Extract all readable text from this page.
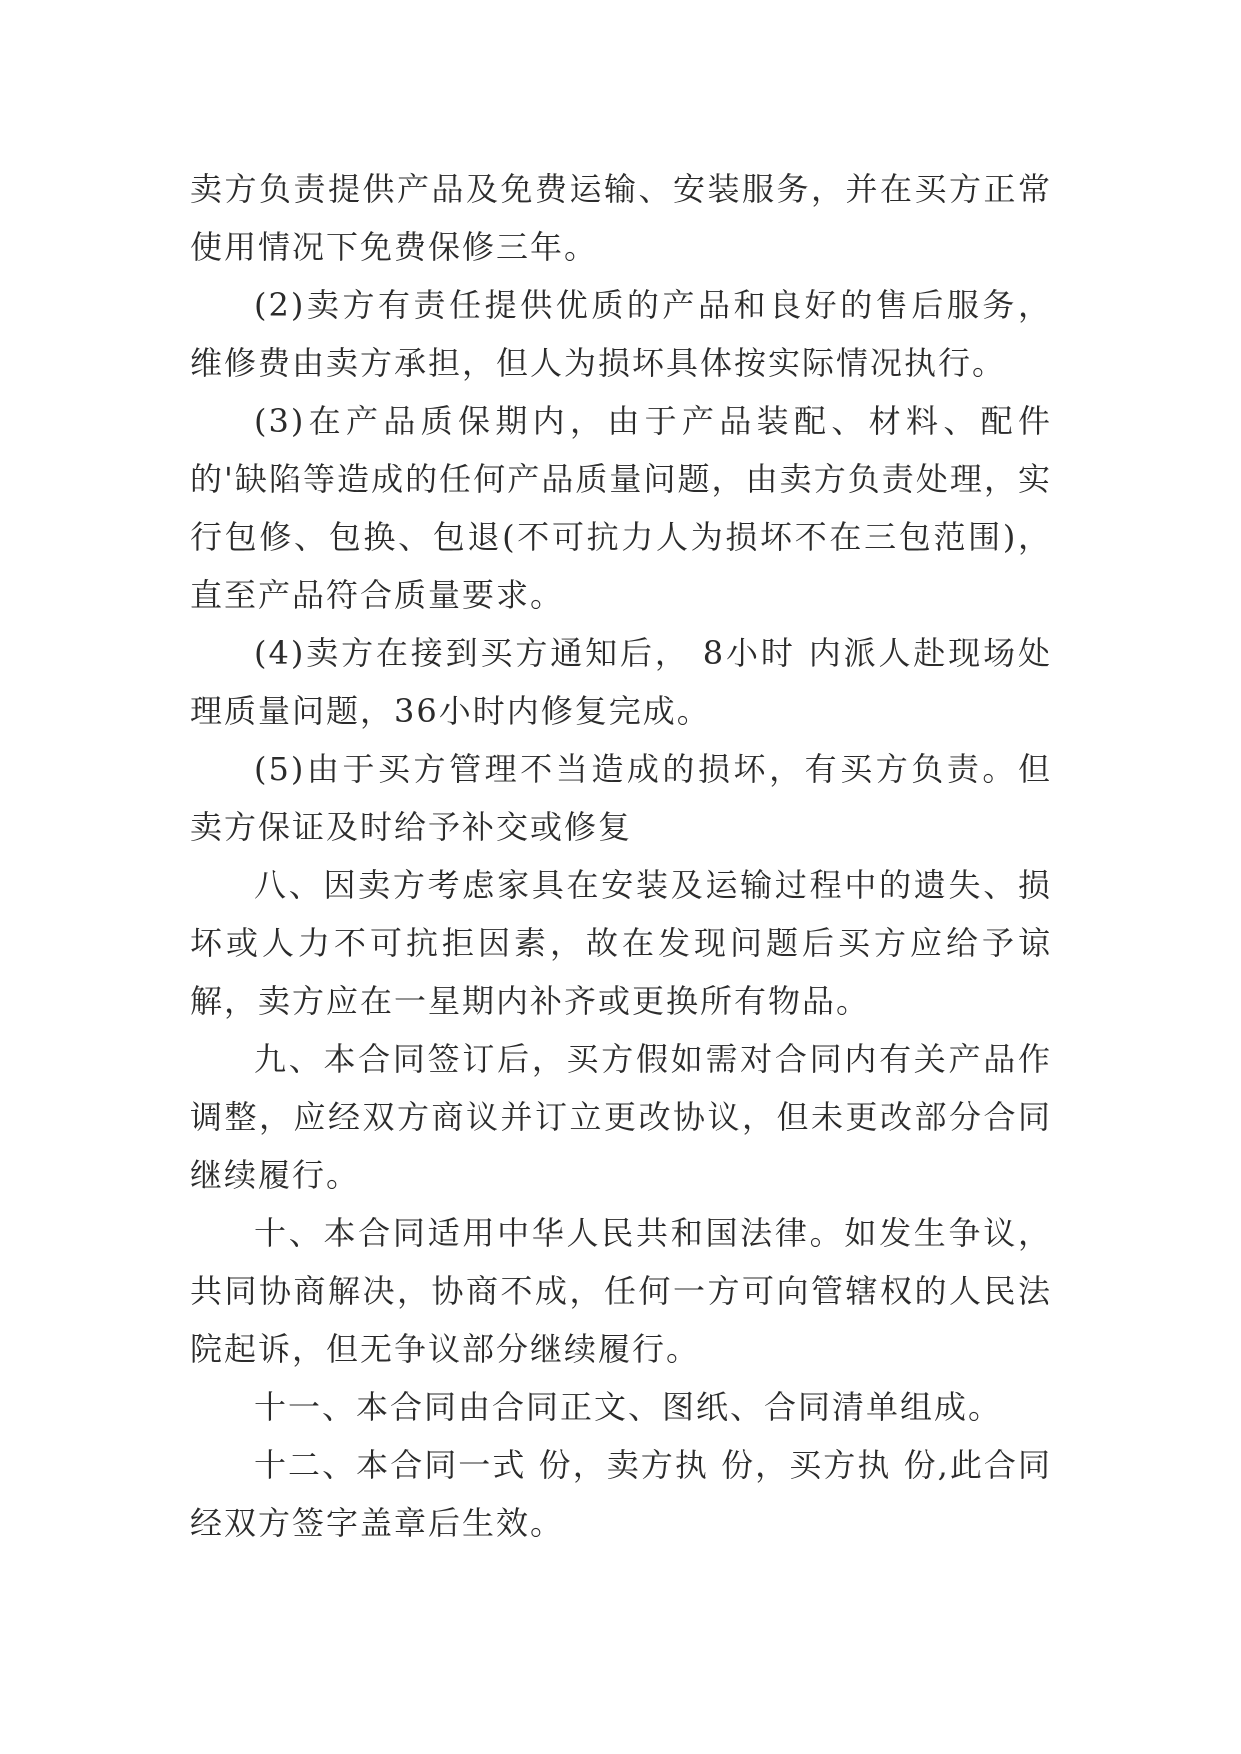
卖方负责提供产品及免费运输、安装服务，并在买方正常使用情况下免费保修三年。

(2)卖方有责任提供优质的产品和良好的售后服务，维修费由卖方承担，但人为损坏具体按实际情况执行。

(3)在产品质保期内，由于产品装配、材料、配件的'缺陷等造成的任何产品质量问题，由卖方负责处理，实行包修、包换、包退(不可抗力人为损坏不在三包范围)，直至产品符合质量要求。

(4)卖方在接到买方通知后， 8小时 内派人赴现场处理质量问题，36小时内修复完成。

(5)由于买方管理不当造成的损坏，有买方负责。但卖方保证及时给予补交或修复

八、因卖方考虑家具在安装及运输过程中的遗失、损坏或人力不可抗拒因素，故在发现问题后买方应给予谅解，卖方应在一星期内补齐或更换所有物品。

九、本合同签订后，买方假如需对合同内有关产品作调整，应经双方商议并订立更改协议，但未更改部分合同继续履行。

十、本合同适用中华人民共和国法律。如发生争议，共同协商解决，协商不成，任何一方可向管辖权的人民法院起诉，但无争议部分继续履行。

十一、本合同由合同正文、图纸、合同清单组成。

十二、本合同一式 份，卖方执 份，买方执 份,此合同经双方签字盖章后生效。
